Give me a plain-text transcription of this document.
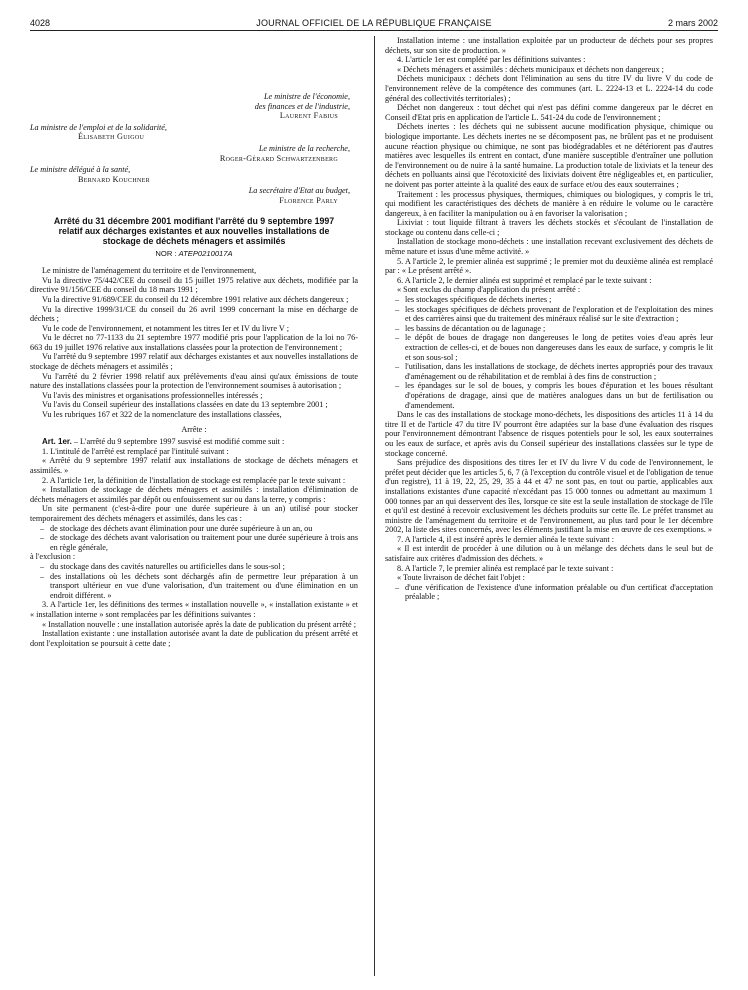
4028	JOURNAL OFFICIEL DE LA RÉPUBLIQUE FRANÇAISE	2 mars 2002
Le ministre de l'économie,
des finances et de l'industrie,
Laurent Fabius
La ministre de l'emploi et de la solidarité,
Élisabeth Guigou
Le ministre de la recherche,
Roger-Gérard Schwartzenberg
Le ministre délégué à la santé,
Bernard Kouchner
La secrétaire d'Etat au budget,
Florence Parly
Arrêté du 31 décembre 2001 modifiant l'arrêté du 9 septembre 1997 relatif aux décharges existantes et aux nouvelles installations de stockage de déchets ménagers et assimilés
NOR : ATEP0210017A

Le ministre de l'aménagement du territoire et de l'environnement,

Vu la directive 75/442/CEE du conseil du 15 juillet 1975 relative aux déchets, modifiée par la directive 91/156/CEE du conseil du 18 mars 1991 ;

Vu la directive 91/689/CEE du conseil du 12 décembre 1991 relative aux déchets dangereux ;

Vu la directive 1999/31/CE du conseil du 26 avril 1999 concernant la mise en décharge de déchets ;

Vu le code de l'environnement, et notamment les titres Ier et IV du livre V ;

Vu le décret no 77-1133 du 21 septembre 1977 modifié pris pour l'application de la loi no 76-663 du 19 juillet 1976 relative aux installations classées pour la protection de l'environnement ;

Vu l'arrêté du 9 septembre 1997 relatif aux décharges existantes et aux nouvelles installations de stockage de déchets ménagers et assimilés ;

Vu l'arrêté du 2 février 1998 relatif aux prélèvements d'eau ainsi qu'aux émissions de toute nature des installations classées pour la protection de l'environnement soumises à autorisation ;

Vu l'avis des ministres et organisations professionnelles intéressés ;

Vu l'avis du Conseil supérieur des installations classées en date du 13 septembre 2001 ;

Vu les rubriques 167 et 322 de la nomenclature des installations classées,

Arrête :

Art. 1er. – L'arrêté du 9 septembre 1997 susvisé est modifié comme suit :

1. L'intitulé de l'arrêté est remplacé par l'intitulé suivant :

« Arrêté du 9 septembre 1997 relatif aux installations de stockage de déchets ménagers et assimilés. »

2. A l'article 1er, la définition de l'installation de stockage est remplacée par le texte suivant :

« Installation de stockage de déchets ménagers et assimilés : installation d'élimination de déchets ménagers et assimilés par dépôt ou enfouissement sur ou dans la terre, y compris :

Un site permanent (c'est-à-dire pour une durée supérieure à un an) utilisé pour stocker temporairement des déchets ménagers et assimilés, dans les cas :

– de stockage des déchets avant élimination pour une durée supérieure à un an, ou
– de stockage des déchets avant valorisation ou traitement pour une durée supérieure à trois ans en règle générale,

à l'exclusion :

– du stockage dans des cavités naturelles ou artificielles dans le sous-sol ;
– des installations où les déchets sont déchargés afin de permettre leur préparation à un transport ultérieur en vue d'une valorisation, d'un traitement ou d'une élimination en un endroit différent. »

3. A l'article 1er, les définitions des termes « installation nouvelle », « installation existante » et « installation interne » sont remplacées par les définitions suivantes :

« Installation nouvelle : une installation autorisée après la date de publication du présent arrêté ;

Installation existante : une installation autorisée avant la date de publication du présent arrêté et dont l'exploitation se poursuit à cette date ;

Installation interne : une installation exploitée par un producteur de déchets pour ses propres déchets, sur son site de production. »

4. L'article 1er est complété par les définitions suivantes :

« Déchets ménagers et assimilés : déchets municipaux et déchets non dangereux ;

Déchets municipaux : déchets dont l'élimination au sens du titre IV du livre V du code de l'environnement relève de la compétence des communes (art. L. 2224-13 et L. 2224-14 du code général des collectivités territoriales) ;

Déchet non dangereux : tout déchet qui n'est pas défini comme dangereux par le décret en Conseil d'Etat pris en application de l'article L. 541-24 du code de l'environnement ;

Déchets inertes : les déchets qui ne subissent aucune modification physique, chimique ou biologique importante. Les déchets inertes ne se décomposent pas, ne brûlent pas et ne produisent aucune réaction physique ou chimique, ne sont pas biodégradables et ne détériorent pas d'autres matières avec lesquelles ils entrent en contact, d'une manière susceptible d'entraîner une pollution de l'environnement ou de nuire à la santé humaine. La production totale de lixiviats et la teneur des déchets en polluants ainsi que l'écotoxicité des lixiviats doivent être négligeables et, en particulier, ne doivent pas porter atteinte à la qualité des eaux de surface et/ou des eaux souterraines ;

Traitement : les processus physiques, thermiques, chimiques ou biologiques, y compris le tri, qui modifient les caractéristiques des déchets de manière à en réduire le volume ou le caractère dangereux, à en faciliter la manipulation ou à en favoriser la valorisation ;

Lixiviat : tout liquide filtrant à travers les déchets stockés et s'écoulant de l'installation de stockage ou contenu dans celle-ci ;

Installation de stockage mono-déchets : une installation recevant exclusivement des déchets de même nature et issus d'une même activité. »

5. A l'article 2, le premier alinéa est supprimé ; le premier mot du deuxième alinéa est remplacé par : « Le présent arrêté ».

6. A l'article 2, le dernier alinéa est supprimé et remplacé par le texte suivant :

« Sont exclus du champ d'application du présent arrêté :

– les stockages spécifiques de déchets inertes ;
– les stockages spécifiques de déchets provenant de l'exploration et de l'exploitation des mines et des carrières ainsi que du traitement des minéraux réalisé sur le site d'extraction ;
– les bassins de décantation ou de lagunage ;
– le dépôt de boues de dragage non dangereuses le long de petites voies d'eau après leur extraction de celles-ci, et de boues non dangereuses dans les eaux de surface, y compris le lit et son sous-sol ;
– l'utilisation, dans les installations de stockage, de déchets inertes appropriés pour des travaux d'aménagement ou de réhabilitation et de remblai à des fins de construction ;
– les épandages sur le sol de boues, y compris les boues d'épuration et les boues résultant d'opérations de dragage, ainsi que de matières analogues dans un but de fertilisation ou d'amendement.

Dans le cas des installations de stockage mono-déchets, les dispositions des articles 11 à 14 du titre II et de l'article 47 du titre IV pourront être adaptées sur la base d'une évaluation des risques pour l'environnement démontrant l'absence de risques potentiels pour le sol, les eaux souterraines ou les eaux de surface, et après avis du Conseil supérieur des installations classées sur le type de stockage concerné.

Sans préjudice des dispositions des titres Ier et IV du livre V du code de l'environnement, le préfet peut décider que les articles 5, 6, 7 (à l'exception du contrôle visuel et de l'obligation de tenue d'un registre), 11 à 19, 22, 25, 29, 35 à 44 et 47 ne sont pas, en tout ou partie, applicables aux installations existantes d'une capacité n'excédant pas 15 000 tonnes ou admettant au maximum 1 000 tonnes par an qui desservent des îles, lorsque ce site est la seule installation de stockage de l'île et qu'il est destiné à recevoir exclusivement les déchets produits sur cette île. Le préfet transmet au ministre de l'aménagement du territoire et de l'environnement, au plus tard pour le 1er décembre 2002, la liste des sites concernés, avec les éléments justifiant la mise en œuvre de ces exemptions. »

7. A l'article 4, il est inséré après le dernier alinéa le texte suivant :

« Il est interdit de procéder à une dilution ou à un mélange des déchets dans le seul but de satisfaire aux critères d'admission des déchets. »

8. A l'article 7, le premier alinéa est remplacé par le texte suivant :

« Toute livraison de déchet fait l'objet :

– d'une vérification de l'existence d'une information préalable ou d'un certificat d'acceptation préalable ;
